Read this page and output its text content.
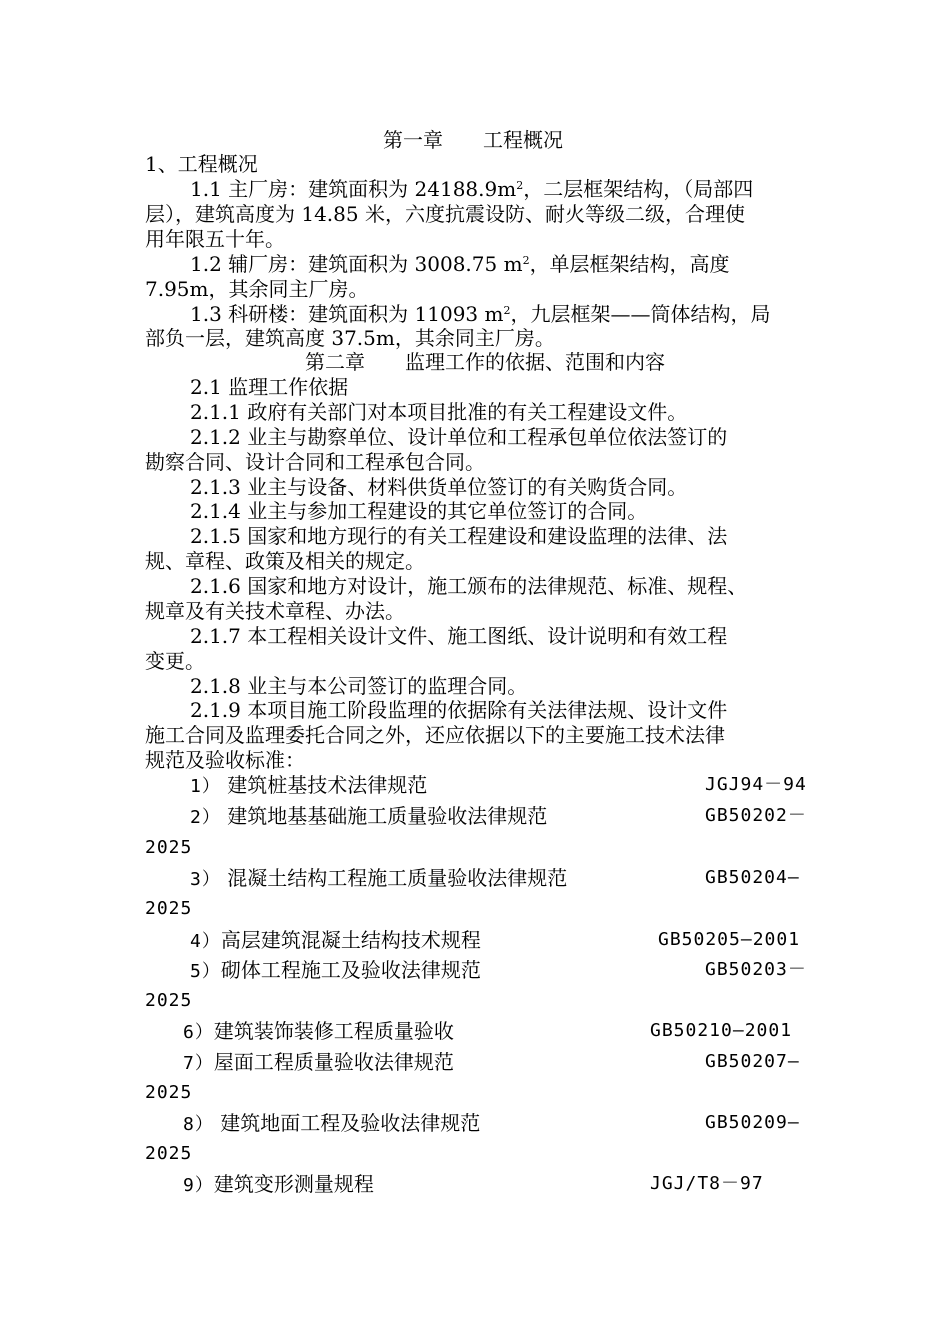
第一章　　工程概况
1、工程概况
1.1 主厂房：建筑面积为 $24188.9m^2$，二层框架结构，（局部四
层），建筑高度为 14.85 米，六度抗震设防、耐火等级二级，合理使
用年限五十年。
1.2 辅厂房：建筑面积为 3008.75 $m^2$，单层框架结构，高度
7.95m，其余同主厂房。
1.3 科研楼：建筑面积为 11093 $m^2$，九层框架——筒体结构，局
部负一层，建筑高度 37.5m，其余同主厂房。
第二章　　监理工作的依据、范围和内容
2.1 监理工作依据
2.1.1 政府有关部门对本项目批准的有关工程建设文件。
2.1.2 业主与勘察单位、设计单位和工程承包单位依法签订的
勘察合同、设计合同和工程承包合同。
2.1.3 业主与设备、材料供货单位签订的有关购货合同。
2.1.4 业主与参加工程建设的其它单位签订的合同。
2.1.5 国家和地方现行的有关工程建设和建设监理的法律、法
规、章程、政策及相关的规定。
2.1.6 国家和地方对设计，施工颁布的法律规范、标准、规程、
规章及有关技术章程、办法。
2.1.7 本工程相关设计文件、施工图纸、设计说明和有效工程
变更。
2.1.8 业主与本公司签订的监理合同。
2.1.9 本项目施工阶段监理的依据除有关法律法规、设计文件
施工合同及监理委托合同之外，还应依据以下的主要施工技术法律
规范及验收标准：
1） 建筑桩基技术法律规范	JGJ94－94
2） 建筑地基基础施工质量验收法律规范	GB50202－
2025
3） 混凝土结构工程施工质量验收法律规范	GB50204—
2025
4）高层建筑混凝土结构技术规程	GB50205—2001
5）砌体工程施工及验收法律规范	GB50203－
2025
6）建筑装饰装修工程质量验收	GB50210—2001
7）屋面工程质量验收法律规范	GB50207—
2025
8） 建筑地面工程及验收法律规范	GB50209—
2025
9）建筑变形测量规程	JGJ/T8－97
